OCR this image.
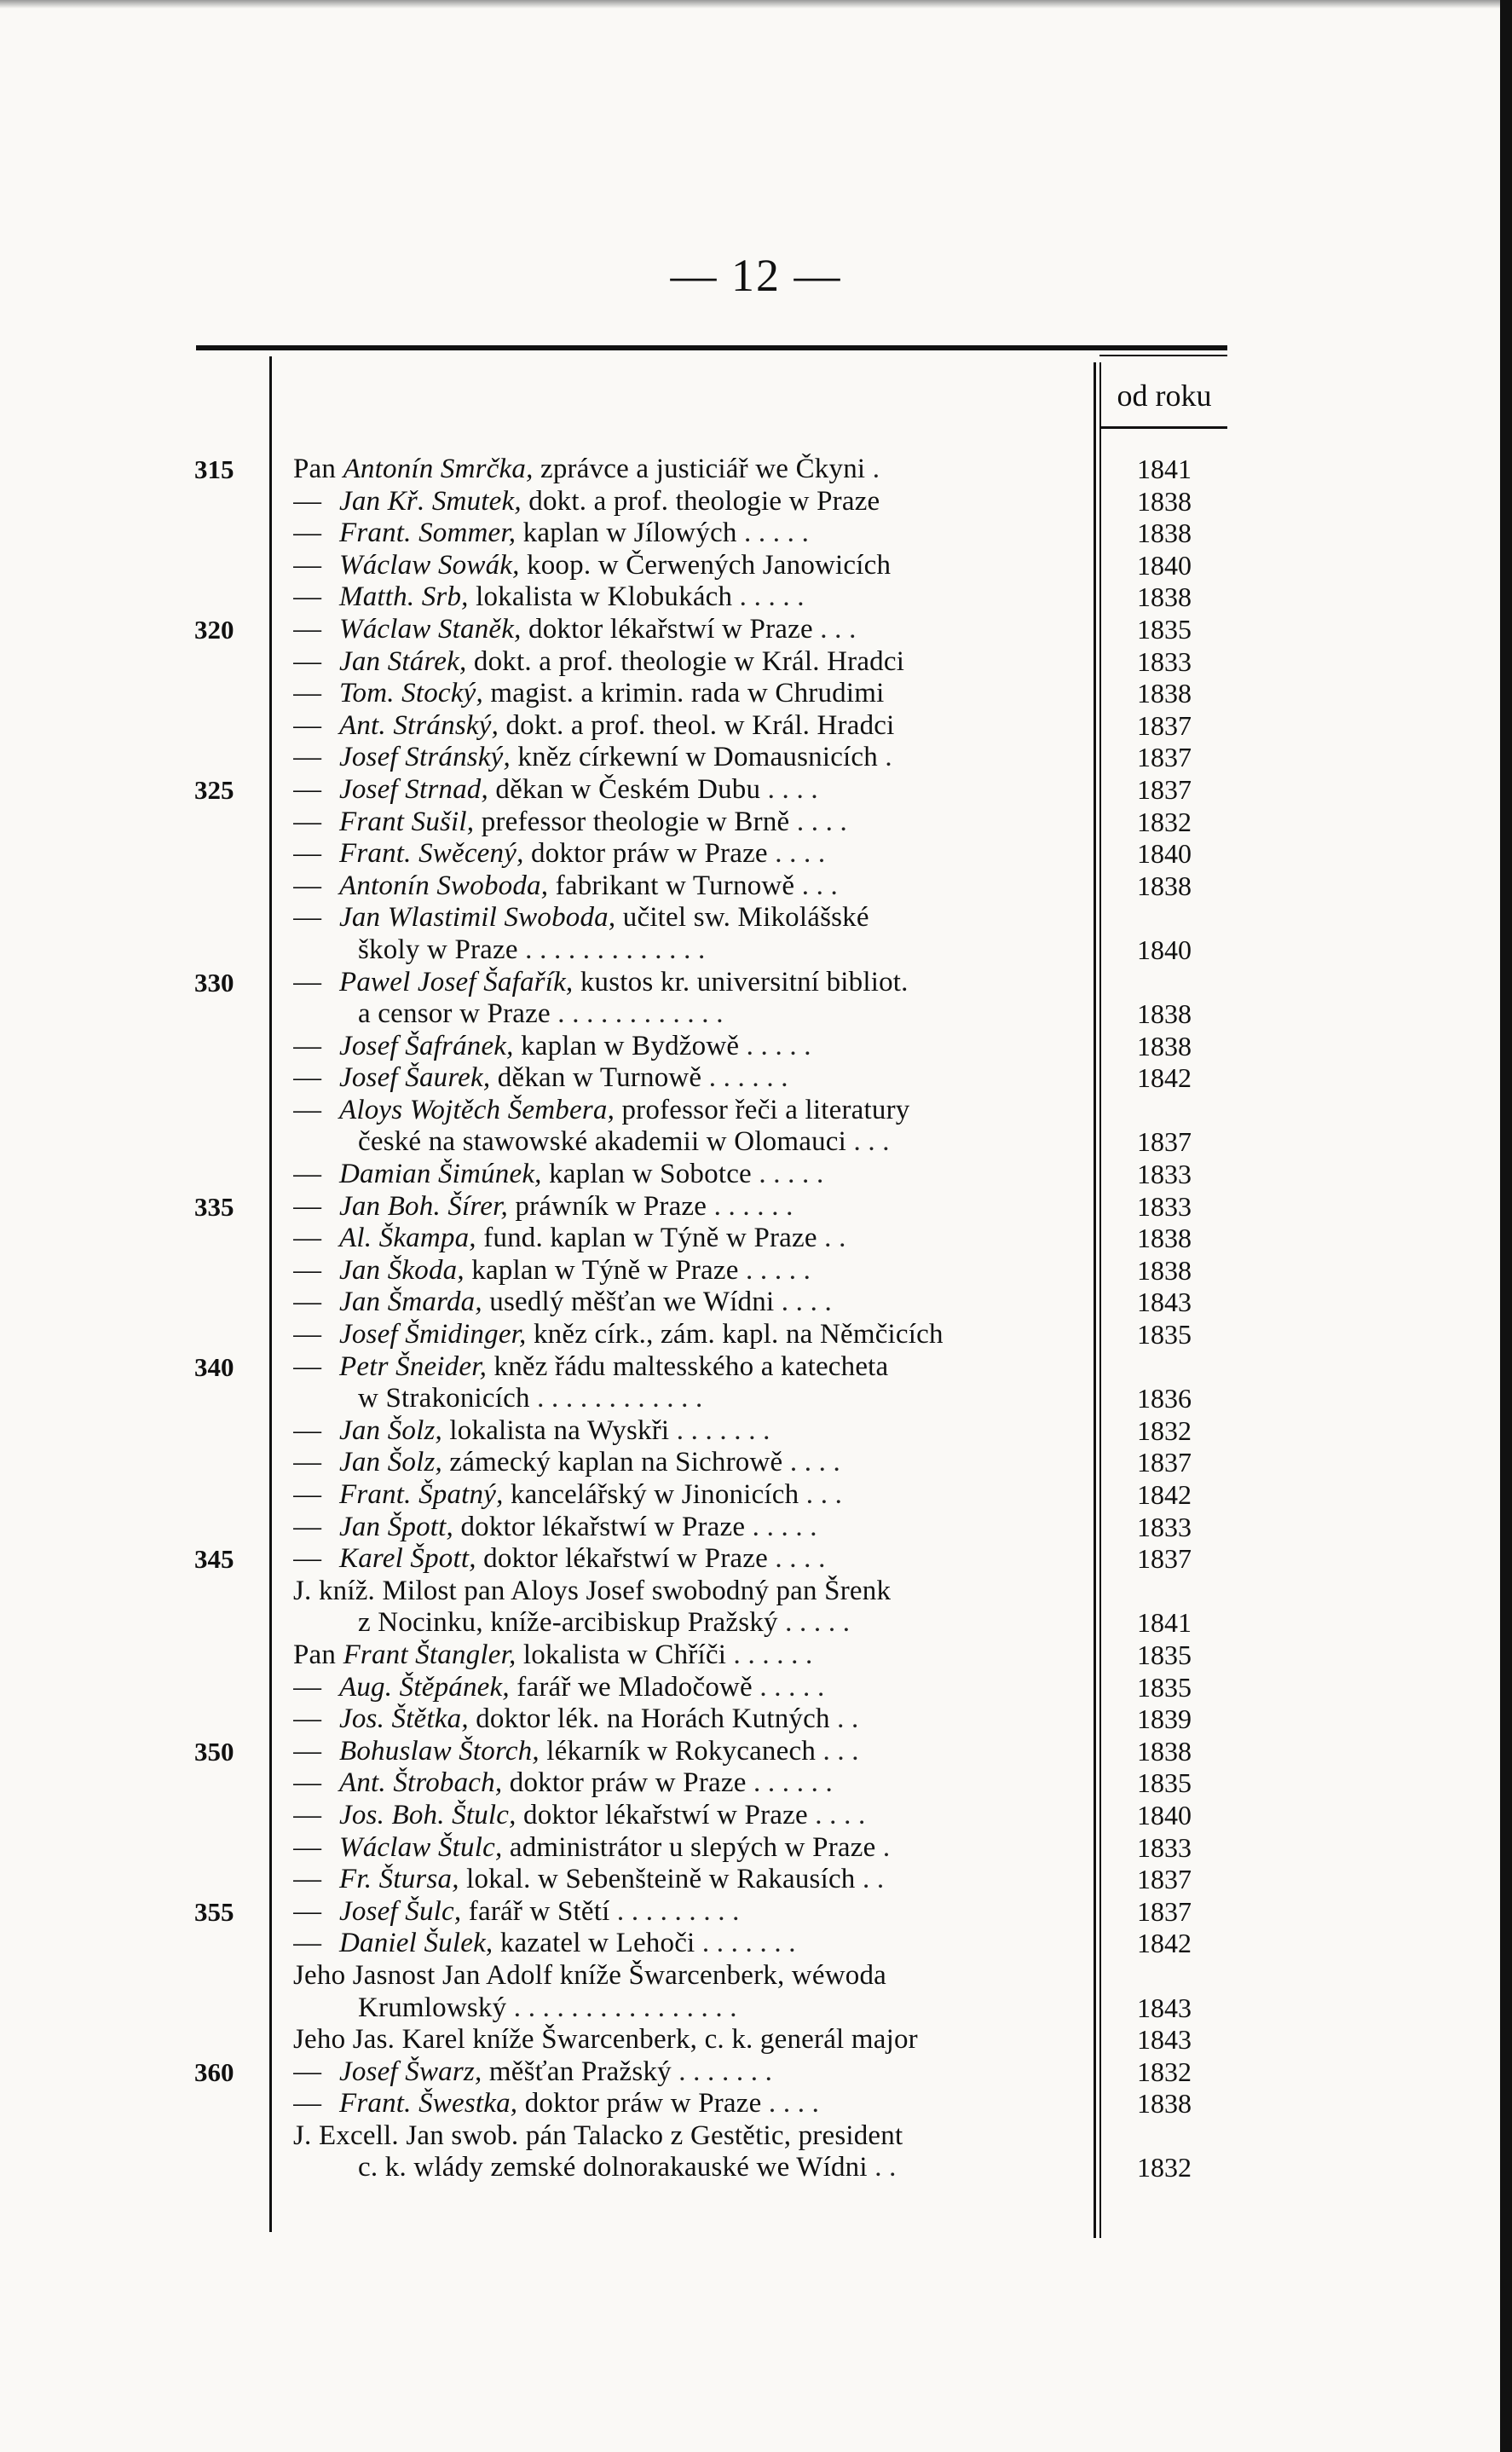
— 12 —
od roku
315	Pan Antonín Smrčka, zprávce a justiciář we Čkyni .	1841
— Jan Kř. Smutek, dokt. a prof. theologie w Praze	1838
— Frant. Sommer, kaplan w Jílowých . . . . .	1838
— Wáclaw Sowák, koop. w Čerwených Janowicích	1840
— Matth. Srb, lokalista w Klobukách . . . . .	1838
320	— Wáclaw Staněk, doktor lékařstwí w Praze . . .	1835
— Jan Stárek, dokt. a prof. theologie w Král. Hradci	1833
— Tom. Stocký, magist. a krimin. rada w Chrudimi	1838
— Ant. Stránský, dokt. a prof. theol. w Král. Hradci	1837
— Josef Stránský, kněz církewní w Domausnicích .	1837
325	— Josef Strnad, děkan w Českém Dubu . . . .	1837
— Frant Sušil, prefessor theologie w Brně . . . .	1832
— Frant. Swěcený, doktor práw w Praze . . . .	1840
— Antonín Swoboda, fabrikant w Turnowě . . .	1838
— Jan Wlastimil Swoboda, učitel sw. Mikolášské
školy w Praze . . . . . . . . . . . . .	1840
330	— Pawel Josef Šafařík, kustos kr. universitní bibliot.
a censor w Praze . . . . . . . . . . . .	1838
— Josef Šafránek, kaplan w Bydžowě . . . . .	1838
— Josef Šaurek, děkan w Turnowě . . . . . .	1842
— Aloys Wojtěch Šembera, professor řeči a literatury
české na stawowské akademii w Olomauci . . .	1837
— Damian Šimúnek, kaplan w Sobotce . . . . .	1833
335	— Jan Boh. Šírer, práwník w Praze . . . . . .	1833
— Al. Škampa, fund. kaplan w Týně w Praze . .	1838
— Jan Škoda, kaplan w Týně w Praze . . . . .	1838
— Jan Šmarda, usedlý měšťan we Wídni . . . .	1843
— Josef Šmidinger, kněz círk., zám. kapl. na Němčicích	1835
340	— Petr Šneider, kněz řádu maltesského a katecheta
w Strakonicích . . . . . . . . . . . .	1836
— Jan Šolz, lokalista na Wyskři . . . . . . .	1832
— Jan Šolz, zámecký kaplan na Sichrowě . . . .	1837
— Frant. Špatný, kancelářský w Jinonicích . . .	1842
— Jan Špott, doktor lékařstwí w Praze . . . . .	1833
345	— Karel Špott, doktor lékařstwí w Praze . . . .	1837
J. kníž. Milost pan Aloys Josef swobodný pan Šrenk
z Nocinku, kníže-arcibiskup Pražský . . . . .	1841
Pan Frant Štangler, lokalista w Chříči . . . . . .	1835
— Aug. Štěpánek, farář we Mladočowě . . . . .	1835
— Jos. Štětka, doktor lék. na Horách Kutných . .	1839
350	— Bohuslaw Štorch, lékarník w Rokycanech . . .	1838
— Ant. Štrobach, doktor práw w Praze . . . . . .	1835
— Jos. Boh. Štulc, doktor lékařstwí w Praze . . . .	1840
— Wáclaw Štulc, administrátor u slepých w Praze .	1833
— Fr. Štursa, lokal. w Sebenšteině w Rakausích . .	1837
355	— Josef Šulc, farář w Stětí . . . . . . . . .	1837
— Daniel Šulek, kazatel w Lehoči . . . . . . .	1842
Jeho Jasnost Jan Adolf kníže Šwarcenberk, wéwoda
Krumlowský . . . . . . . . . . . . . . . .	1843
Jeho Jas. Karel kníže Šwarcenberk, c. k. generál major	1843
360	— Josef Šwarz, měšťan Pražský . . . . . . .	1832
— Frant. Šwestka, doktor práw w Praze . . . .	1838
J. Excell. Jan swob. pán Talacko z Gestětic, president
c. k. wlády zemské dolnorakauské we Wídni . .	1832
